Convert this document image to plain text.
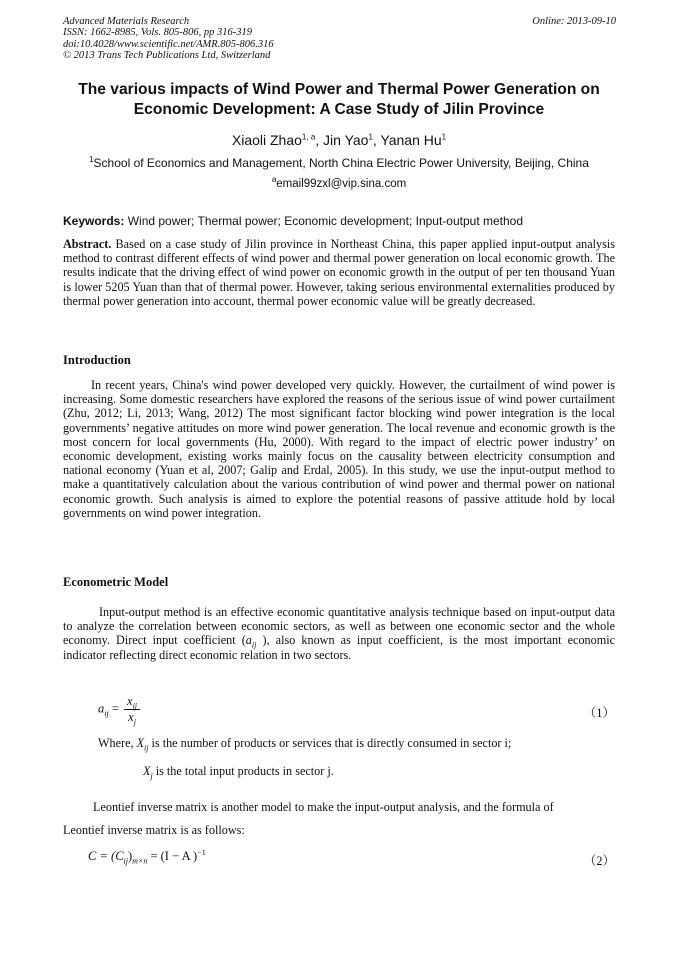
Advanced Materials Research
ISSN: 1662-8985, Vols. 805-806, pp 316-319
doi:10.4028/www.scientific.net/AMR.805-806.316
© 2013 Trans Tech Publications Ltd, Switzerland
Online: 2013-09-10
The various impacts of Wind Power and Thermal Power Generation on
Economic Development: A Case Study of Jilin Province
Xiaoli Zhao$^{1, a}$, Jin Yao$^1$, Yanan Hu$^1$
$^1$School of Economics and Management, North China Electric Power University, Beijing, China
$^a$email99zxl@vip.sina.com
Keywords: Wind power; Thermal power; Economic development; Input-output method
Abstract. Based on a case study of Jilin province in Northeast China, this paper applied input-output analysis method to contrast different effects of wind power and thermal power generation on local economic growth. The results indicate that the driving effect of wind power on economic growth in the output of per ten thousand Yuan is lower 5205 Yuan than that of thermal power. However, taking serious environmental externalities produced by thermal power generation into account, thermal power economic value will be greatly decreased.
Introduction
In recent years, China's wind power developed very quickly. However, the curtailment of wind power is increasing. Some domestic researchers have explored the reasons of the serious issue of wind power curtailment (Zhu, 2012; Li, 2013; Wang, 2012) The most significant factor blocking wind power integration is the local governments’ negative attitudes on more wind power generation. The local revenue and economic growth is the most concern for local governments (Hu, 2000). With regard to the impact of electric power industry’ on economic development, existing works mainly focus on the causality between electricity consumption and national economy (Yuan et al, 2007; Galip and Erdal, 2005). In this study, we use the input-output method to make a quantitatively calculation about the various contribution of wind power and thermal power on national economic growth. Such analysis is aimed to explore the potential reasons of passive attitude hold by local governments on wind power integration.
Econometric Model
Input-output method is an effective economic quantitative analysis technique based on input-output data to analyze the correlation between economic sectors, as well as between one economic sector and the whole economy. Direct input coefficient ($a_{ij}$ ), also known as input coefficient, is the most important economic indicator reflecting direct economic relation in two sectors.
$a_{ij} = \frac{x_{ij}}{x_j}$	（1）
Where, $X_{ij}$ is the number of products or services that is directly consumed in sector i;
$X_j$ is the total input products in sector j.
Leontief inverse matrix is another model to make the input-output analysis, and the formula of
Leontief inverse matrix is as follows:
$C = (C_{ij})_{m\times n} = (I - A$ )$^{-1}$
（2）
